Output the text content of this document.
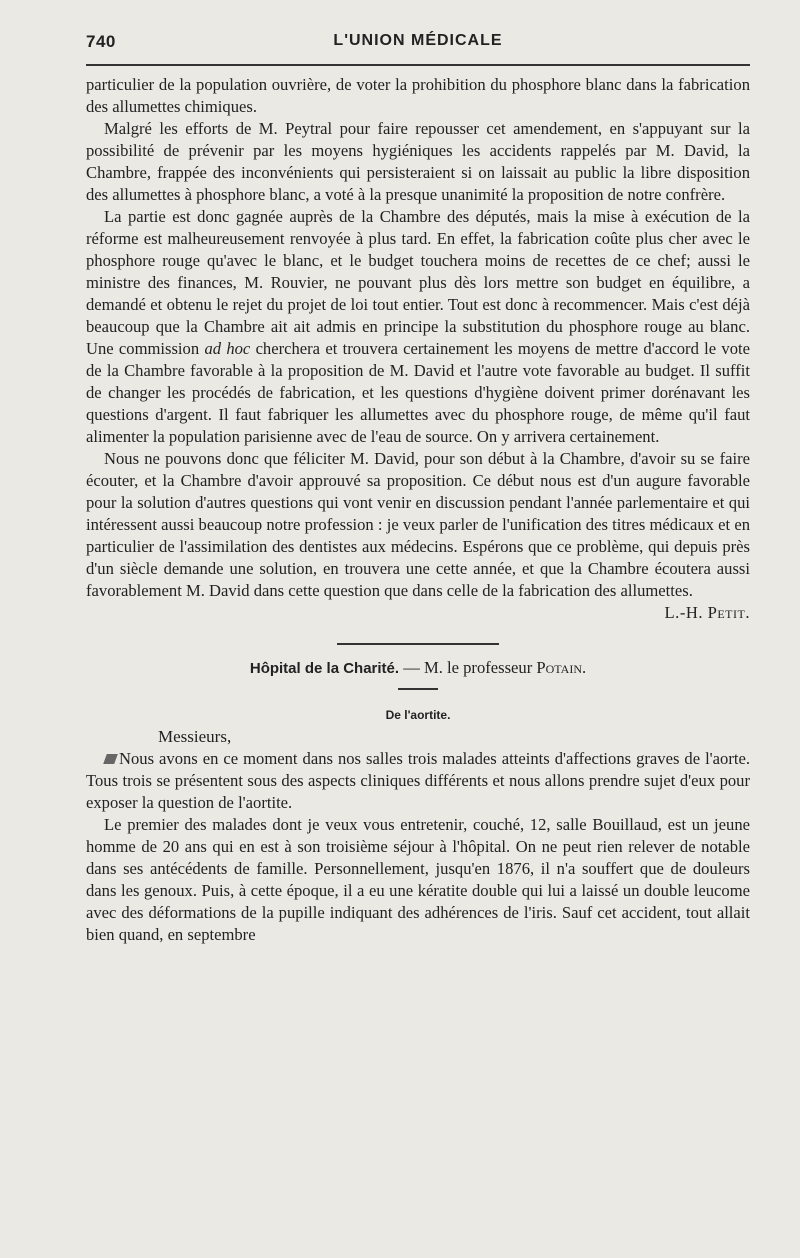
740	L'UNION MÉDICALE

particulier de la population ouvrière, de voter la prohibition du phosphore blanc dans la fabrication des allumettes chimiques.

Malgré les efforts de M. Peytral pour faire repousser cet amendement, en s'appuyant sur la possibilité de prévenir par les moyens hygiéniques les accidents rappelés par M. David, la Chambre, frappée des inconvénients qui persisteraient si on laissait au public la libre disposition des allumettes à phosphore blanc, a voté à la presque unanimité la proposition de notre confrère.

La partie est donc gagnée auprès de la Chambre des députés, mais la mise à exécution de la réforme est malheureusement renvoyée à plus tard. En effet, la fabrication coûte plus cher avec le phosphore rouge qu'avec le blanc, et le budget touchera moins de recettes de ce chef; aussi le ministre des finances, M. Rouvier, ne pouvant plus dès lors mettre son budget en équilibre, a demandé et obtenu le rejet du projet de loi tout entier. Tout est donc à recommencer. Mais c'est déjà beaucoup que la Chambre ait ait admis en principe la substitution du phosphore rouge au blanc. Une commission ad hoc cherchera et trouvera certainement les moyens de mettre d'accord le vote de la Chambre favorable à la proposition de M. David et l'autre vote favorable au budget. Il suffit de changer les procédés de fabrication, et les questions d'hygiène doivent primer dorénavant les questions d'argent. Il faut fabriquer les allumettes avec du phosphore rouge, de même qu'il faut alimenter la population parisienne avec de l'eau de source. On y arrivera certainement.

Nous ne pouvons donc que féliciter M. David, pour son début à la Chambre, d'avoir su se faire écouter, et la Chambre d'avoir approuvé sa proposition. Ce début nous est d'un augure favorable pour la solution d'autres questions qui vont venir en discussion pendant l'année parlementaire et qui intéressent aussi beaucoup notre profession : je veux parler de l'unification des titres médicaux et en particulier de l'assimilation des dentistes aux médecins. Espérons que ce problème, qui depuis près d'un siècle demande une solution, en trouvera une cette année, et que la Chambre écoutera aussi favorablement M. David dans cette question que dans celle de la fabrication des allumettes.

L.-H. Petit.

Hôpital de la Charité. — M. le professeur Potain.
De l'aortite.

Messieurs,

Nous avons en ce moment dans nos salles trois malades atteints d'affections graves de l'aorte. Tous trois se présentent sous des aspects cliniques différents et nous allons prendre sujet d'eux pour exposer la question de l'aortite.

Le premier des malades dont je veux vous entretenir, couché, 12, salle Bouillaud, est un jeune homme de 20 ans qui en est à son troisième séjour à l'hôpital. On ne peut rien relever de notable dans ses antécédents de famille. Personnellement, jusqu'en 1876, il n'a souffert que de douleurs dans les genoux. Puis, à cette époque, il a eu une kératite double qui lui a laissé un double leucome avec des déformations de la pupille indiquant des adhérences de l'iris. Sauf cet accident, tout allait bien quand, en septembre
